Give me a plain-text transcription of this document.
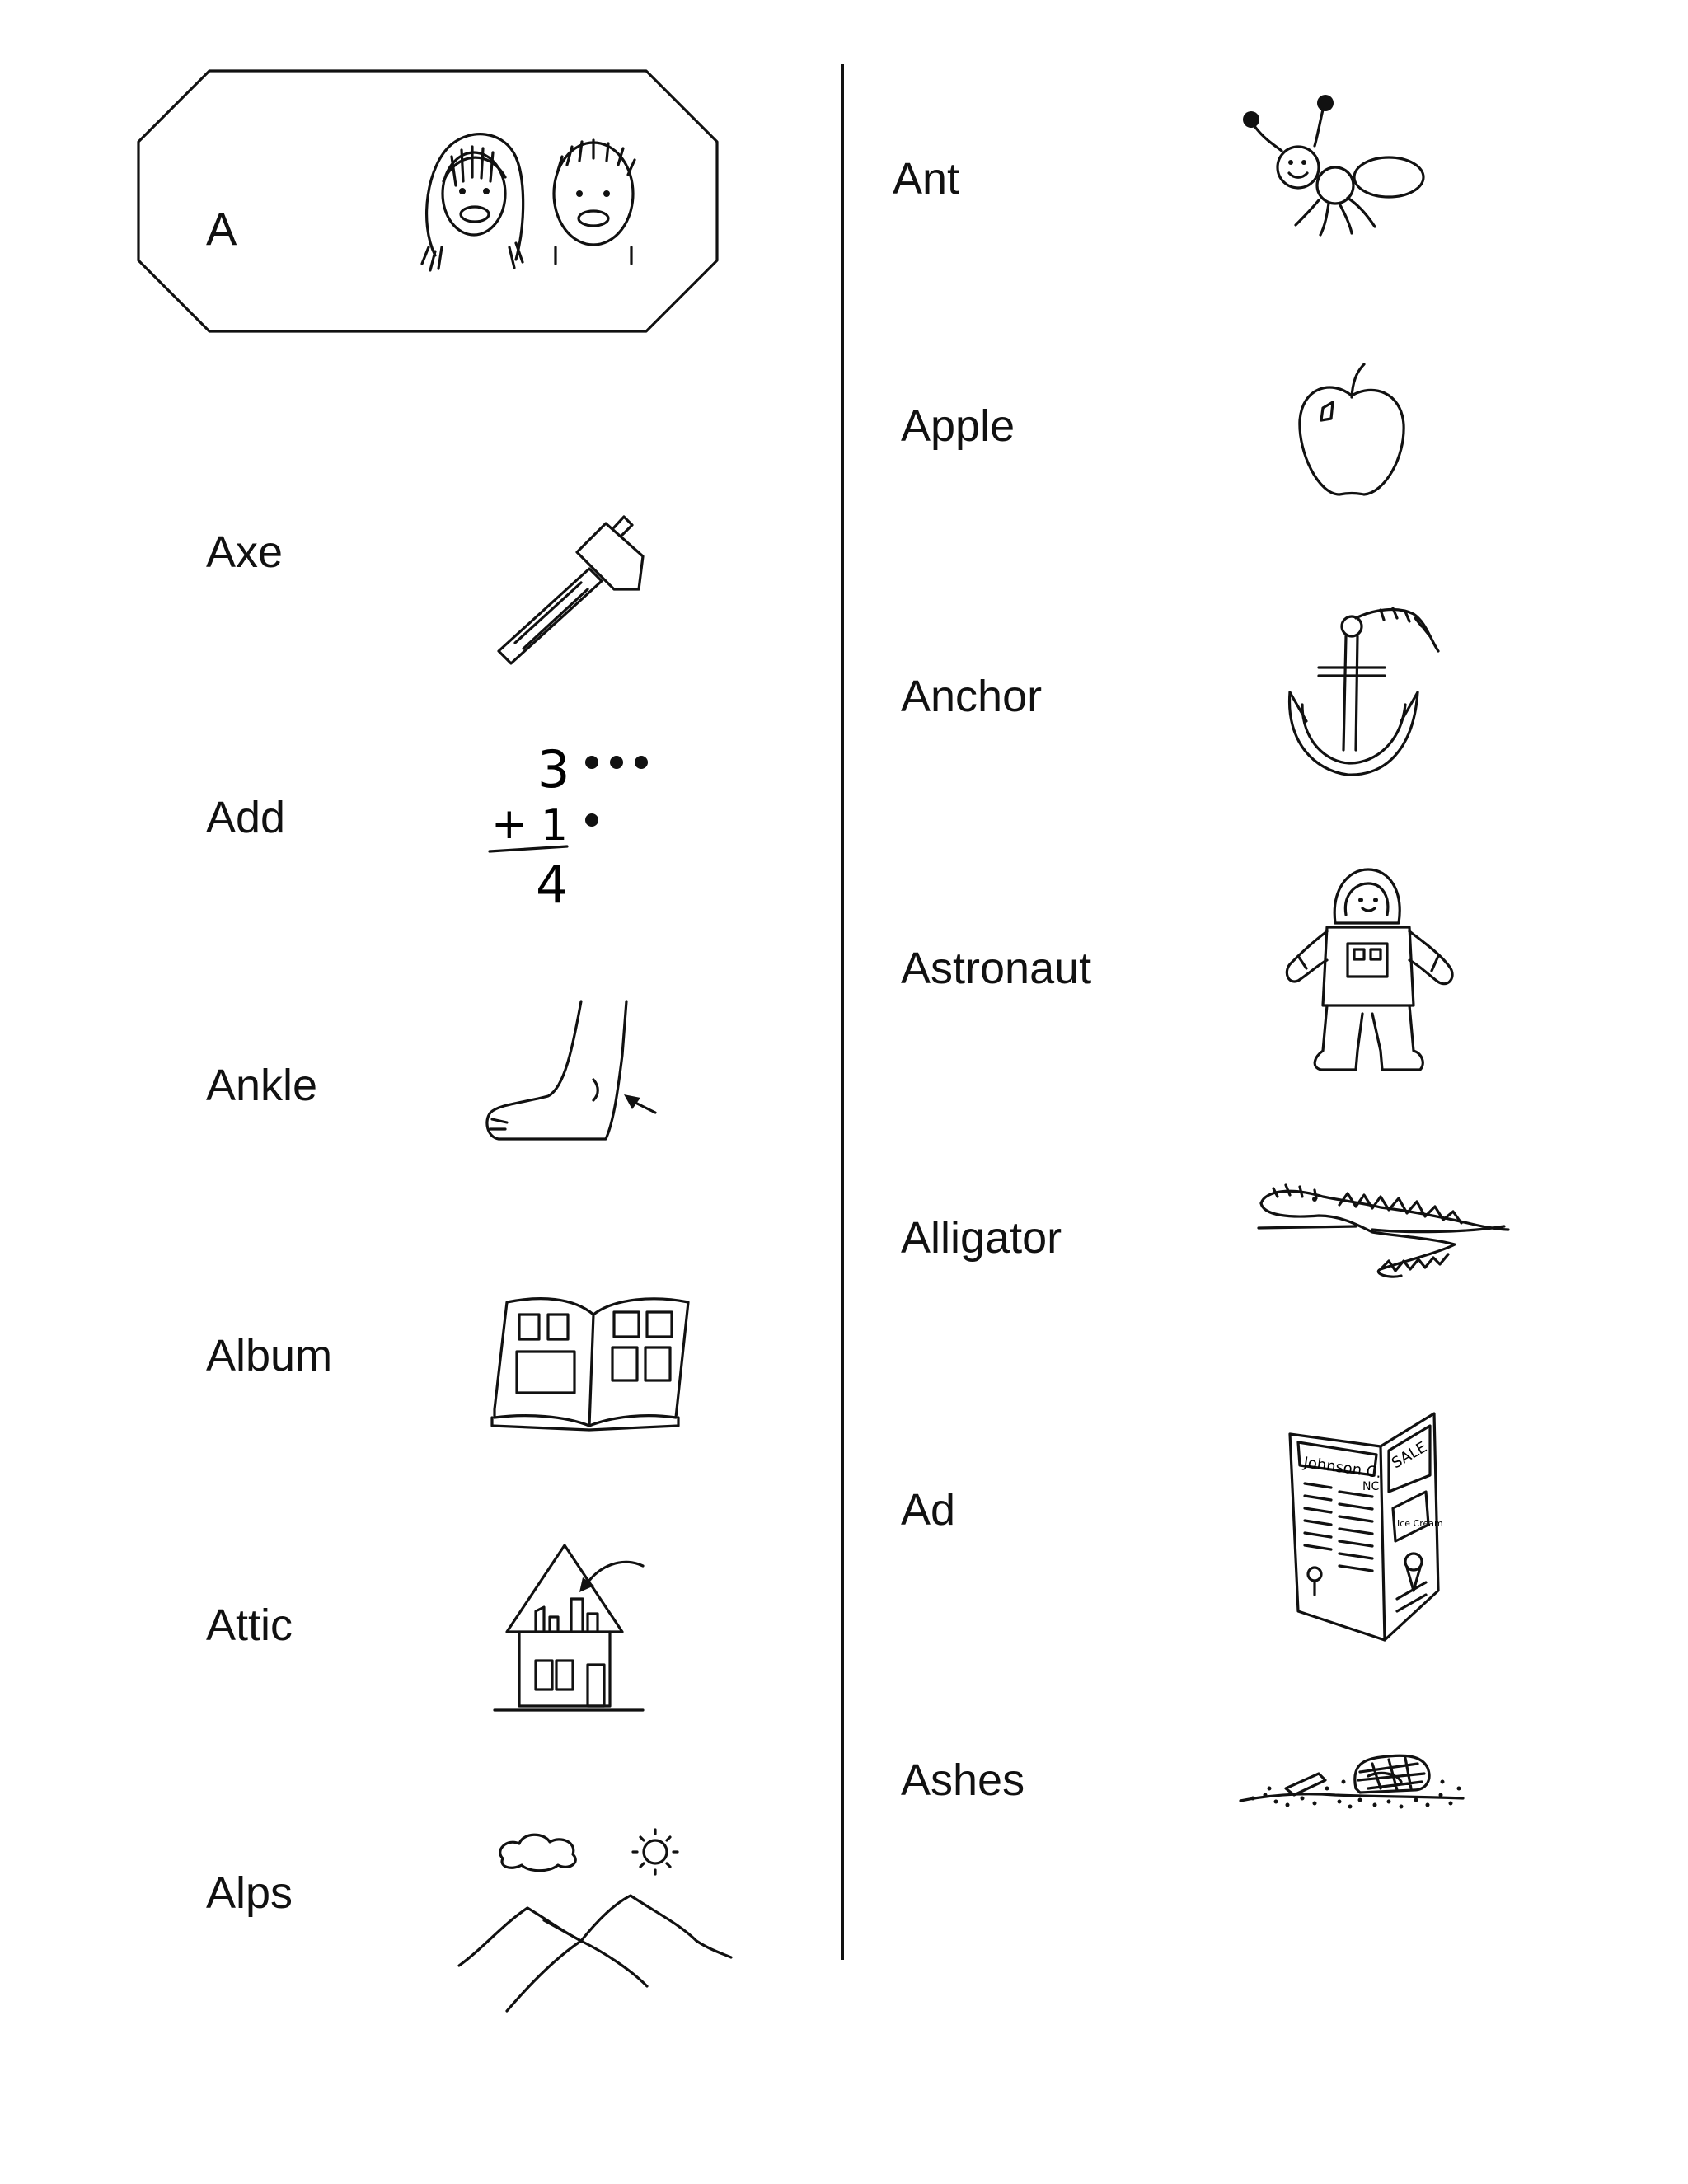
A
Axe
Add
Ankle
Album
Attic
Alps
3
+ 1
4
Ant
Apple
Anchor
Astronaut
Alligator
Ad
Ashes
Johnson C. SALE
NC
Ice Cream
